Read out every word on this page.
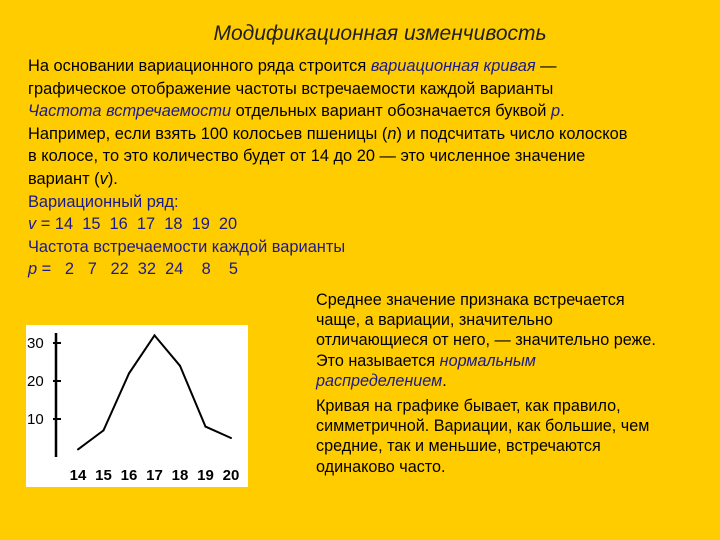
Модификационная изменчивость
На основании вариационного ряда строится вариационная кривая —
графическое отображение частоты встречаемости каждой варианты
Частота встречаемости отдельных вариант обозначается буквой р.
Например, если взять 100 колосьев пшеницы (n) и подсчитать число колосков
в колосе, то это количество будет от 14 до 20 — это численное значение
вариант (v).
Вариационный ряд:
v = 14  15  16  17  18  19  20
Частота встречаемости каждой варианты
p =   2   7   22  32  24    8    5
Среднее значение признака встречается
чаще, а вариации, значительно
отличающиеся от него, — значительно реже.
Это называется нормальным
распределением.
Кривая на графике бывает, как правило,
симметричной. Вариации, как большие, чем
средние, так и меньшие, встречаются
одинаково часто.
10
20
30
14 15 16 17 18 19 20
